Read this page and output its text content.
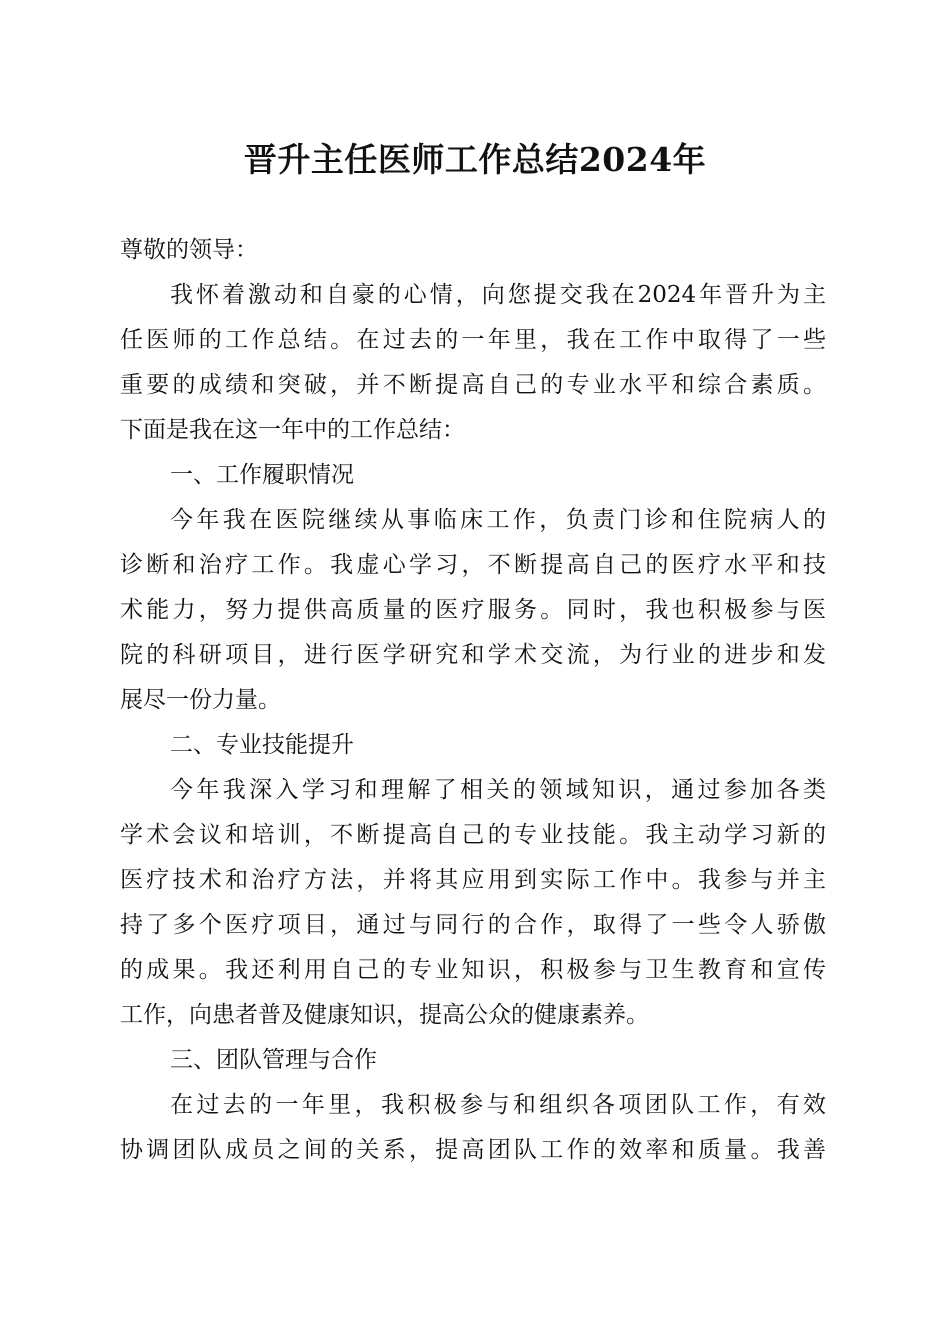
晋升主任医师工作总结2024年
尊敬的领导：
我怀着激动和自豪的心情，向您提交我在2024年晋升为主
任医师的工作总结。在过去的一年里，我在工作中取得了一些
重要的成绩和突破，并不断提高自己的专业水平和综合素质。
下面是我在这一年中的工作总结：
一、工作履职情况
今年我在医院继续从事临床工作，负责门诊和住院病人的
诊断和治疗工作。我虚心学习，不断提高自己的医疗水平和技
术能力，努力提供高质量的医疗服务。同时，我也积极参与医
院的科研项目，进行医学研究和学术交流，为行业的进步和发
展尽一份力量。
二、专业技能提升
今年我深入学习和理解了相关的领域知识，通过参加各类
学术会议和培训，不断提高自己的专业技能。我主动学习新的
医疗技术和治疗方法，并将其应用到实际工作中。我参与并主
持了多个医疗项目，通过与同行的合作，取得了一些令人骄傲
的成果。我还利用自己的专业知识，积极参与卫生教育和宣传
工作，向患者普及健康知识，提高公众的健康素养。
三、团队管理与合作
在过去的一年里，我积极参与和组织各项团队工作，有效
协调团队成员之间的关系，提高团队工作的效率和质量。我善
